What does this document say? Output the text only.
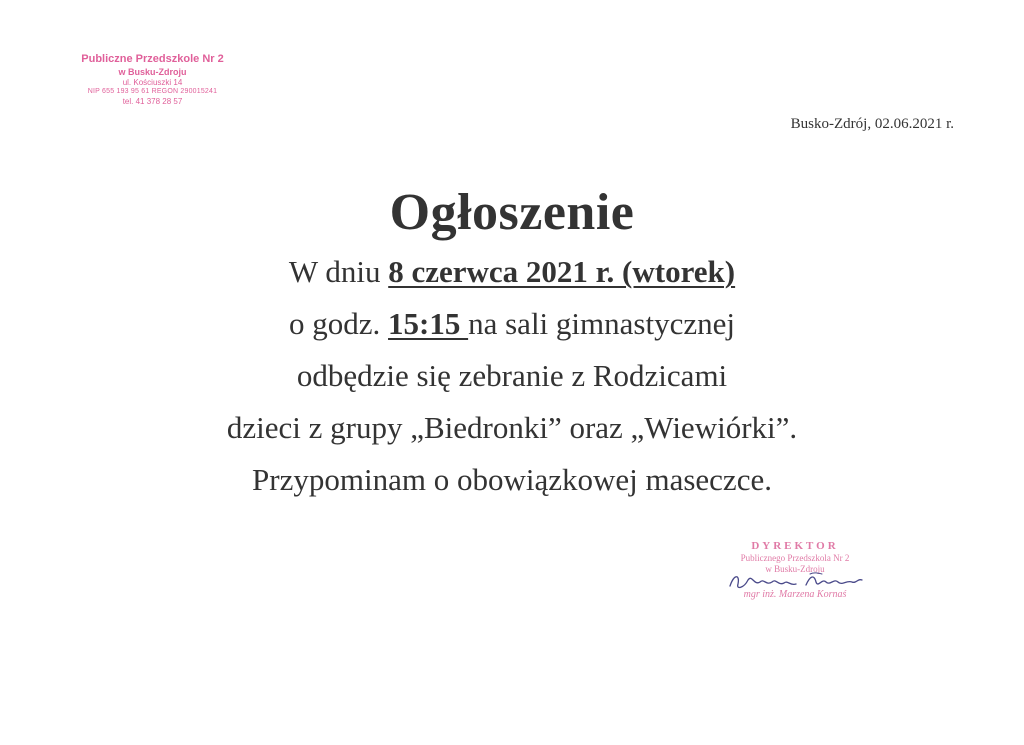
Publiczne Przedszkole Nr 2
w Busku-Zdroju
ul. Kościuszki 14
NIP 655 193 95 61 REGON 290015241
tel. 41 378 28 57
Busko-Zdrój, 02.06.2021 r.
Ogłoszenie
W dniu 8 czerwca 2021 r. (wtorek)
o godz. 15:15 na sali gimnastycznej
odbędzie się zebranie z Rodzicami
dzieci z grupy „Biedronki” oraz „Wiewiórki”.
Przypominam o obowiązkowej maseczce.
DYREKTOR
Publicznego Przedszkola Nr 2
w Busku-Zdroju
mgr inż. Marzena Kornaś
